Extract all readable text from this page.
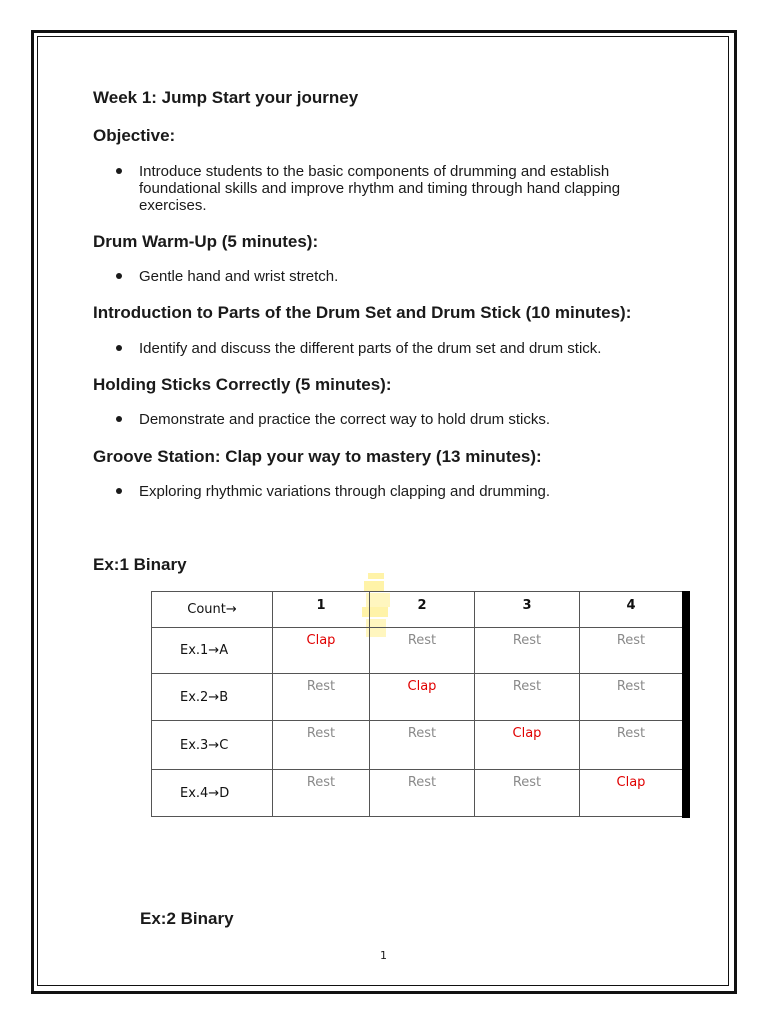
Week 1: Jump Start your journey
Objective:

Introduce students to the basic components of drumming and establish
foundational skills and improve rhythm and timing through hand clapping
exercises.

Drum Warm-Up (5 minutes):

Gentle hand and wrist stretch.

Introduction to Parts of the Drum Set and Drum Stick (10 minutes):

Identify and discuss the different parts of the drum set and drum stick.

Holding Sticks Correctly (5 minutes):

Demonstrate and practice the correct way to hold drum sticks.

Groove Station: Clap your way to mastery (13 minutes):

Exploring rhythmic variations through clapping and drumming.

Ex:1 Binary
Count→	1	2	3	4
Ex.1→A	Clap	Rest	Rest	Rest
Ex.2→B	Rest	Clap	Rest	Rest
Ex.3→C	Rest	Rest	Clap	Rest
Ex.4→D	Rest	Rest	Rest	Clap
Ex:2 Binary
1
